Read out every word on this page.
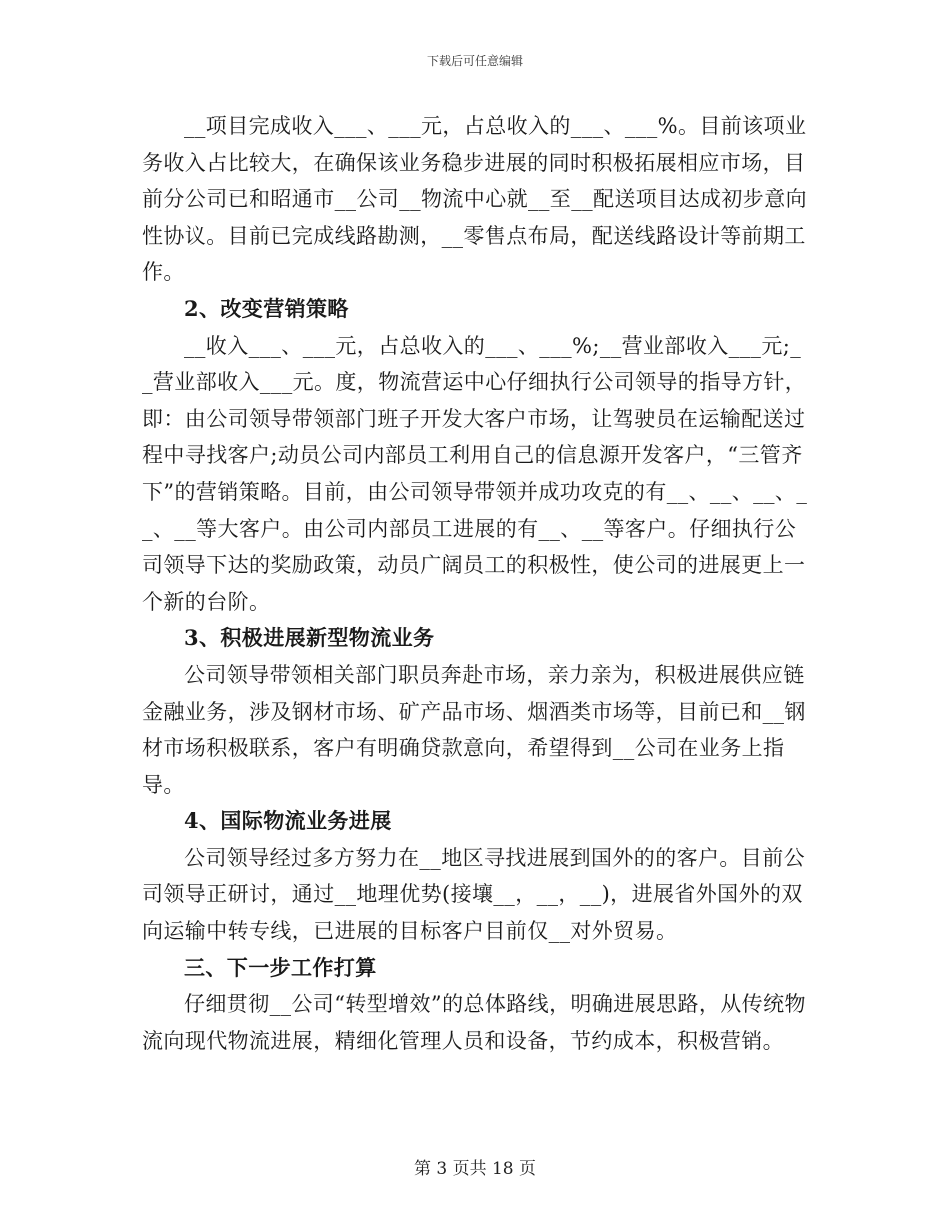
下载后可任意编辑

__项目完成收入___、___元，占总收入的___、___%。目前该项业务收入占比较大，在确保该业务稳步进展的同时积极拓展相应市场，目前分公司已和昭通市__公司__物流中心就__至__配送项目达成初步意向性协议。目前已完成线路勘测，__零售点布局，配送线路设计等前期工作。

2、改变营销策略

__收入___、___元，占总收入的___、___%;__营业部收入___元;__营业部收入___元。度，物流营运中心仔细执行公司领导的指导方针，即：由公司领导带领部门班子开发大客户市场，让驾驶员在运输配送过程中寻找客户;动员公司内部员工利用自己的信息源开发客户，“三管齐下”的营销策略。目前，由公司领导带领并成功攻克的有__、__、__、__、__等大客户。由公司内部员工进展的有__、__等客户。仔细执行公司领导下达的奖励政策，动员广阔员工的积极性，使公司的进展更上一个新的台阶。

3、积极进展新型物流业务

公司领导带领相关部门职员奔赴市场，亲力亲为，积极进展供应链金融业务，涉及钢材市场、矿产品市场、烟酒类市场等，目前已和__钢材市场积极联系，客户有明确贷款意向，希望得到__公司在业务上指导。

4、国际物流业务进展

公司领导经过多方努力在__地区寻找进展到国外的的客户。目前公司领导正研讨，通过__地理优势(接壤__，__，__)，进展省外国外的双向运输中转专线，已进展的目标客户目前仅__对外贸易。

三、下一步工作打算

仔细贯彻__公司“转型增效”的总体路线，明确进展思路，从传统物流向现代物流进展，精细化管理人员和设备，节约成本，积极营销。

第 3 页共 18 页
